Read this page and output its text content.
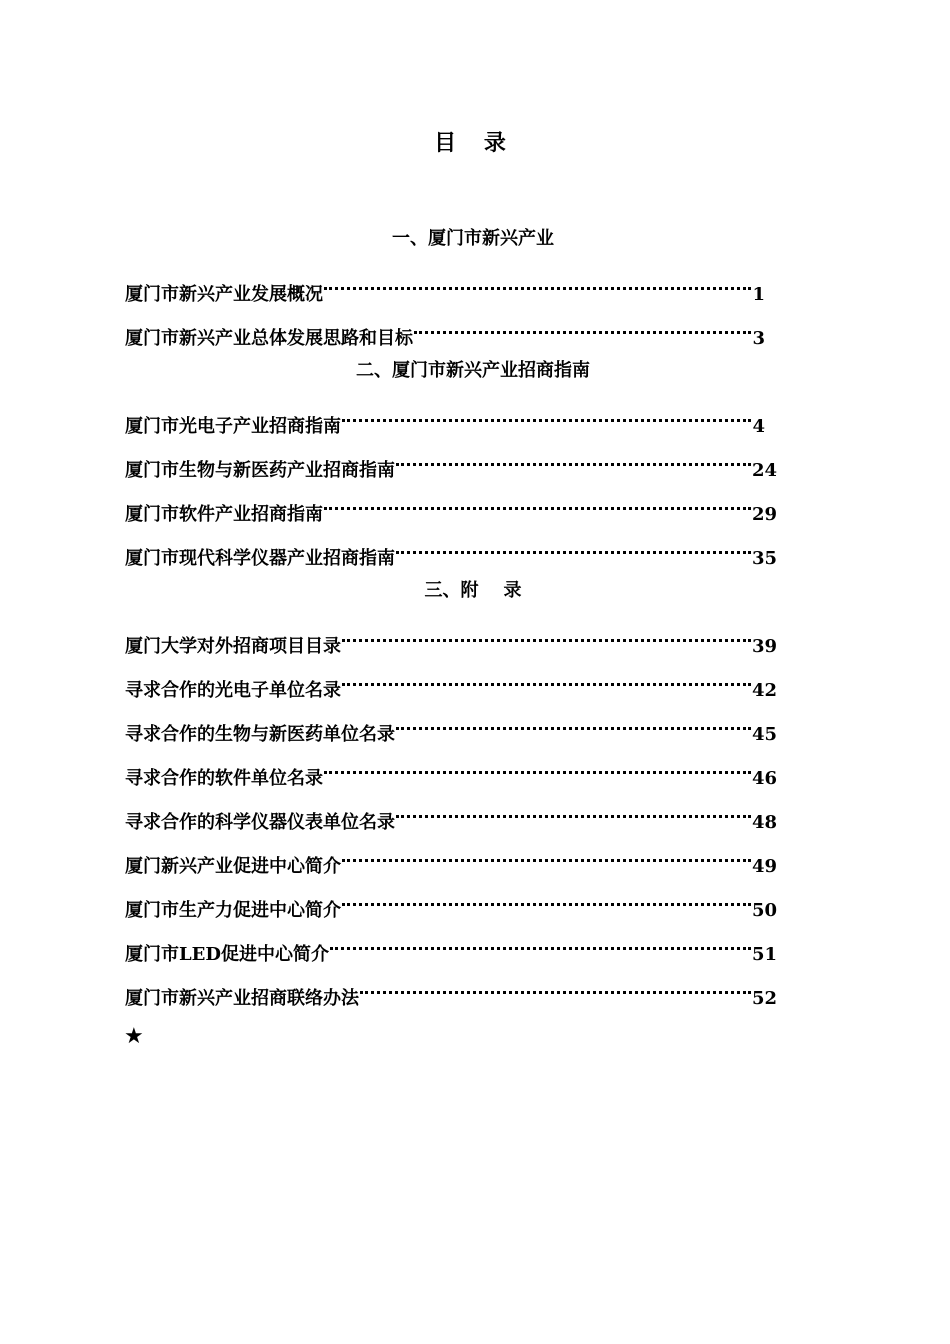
目 录
一、厦门市新兴产业
厦门市新兴产业发展概况	1
厦门市新兴产业总体发展思路和目标	3
二、厦门市新兴产业招商指南
厦门市光电子产业招商指南	4
厦门市生物与新医药产业招商指南	24
厦门市软件产业招商指南	29
厦门市现代科学仪器产业招商指南	35
三、附    录
厦门大学对外招商项目目录	39
寻求合作的光电子单位名录	42
寻求合作的生物与新医药单位名录	45
寻求合作的软件单位名录	46
寻求合作的科学仪器仪表单位名录	48
厦门新兴产业促进中心简介	49
厦门市生产力促进中心简介	50
厦门市LED促进中心简介	51
厦门市新兴产业招商联络办法	52
★
